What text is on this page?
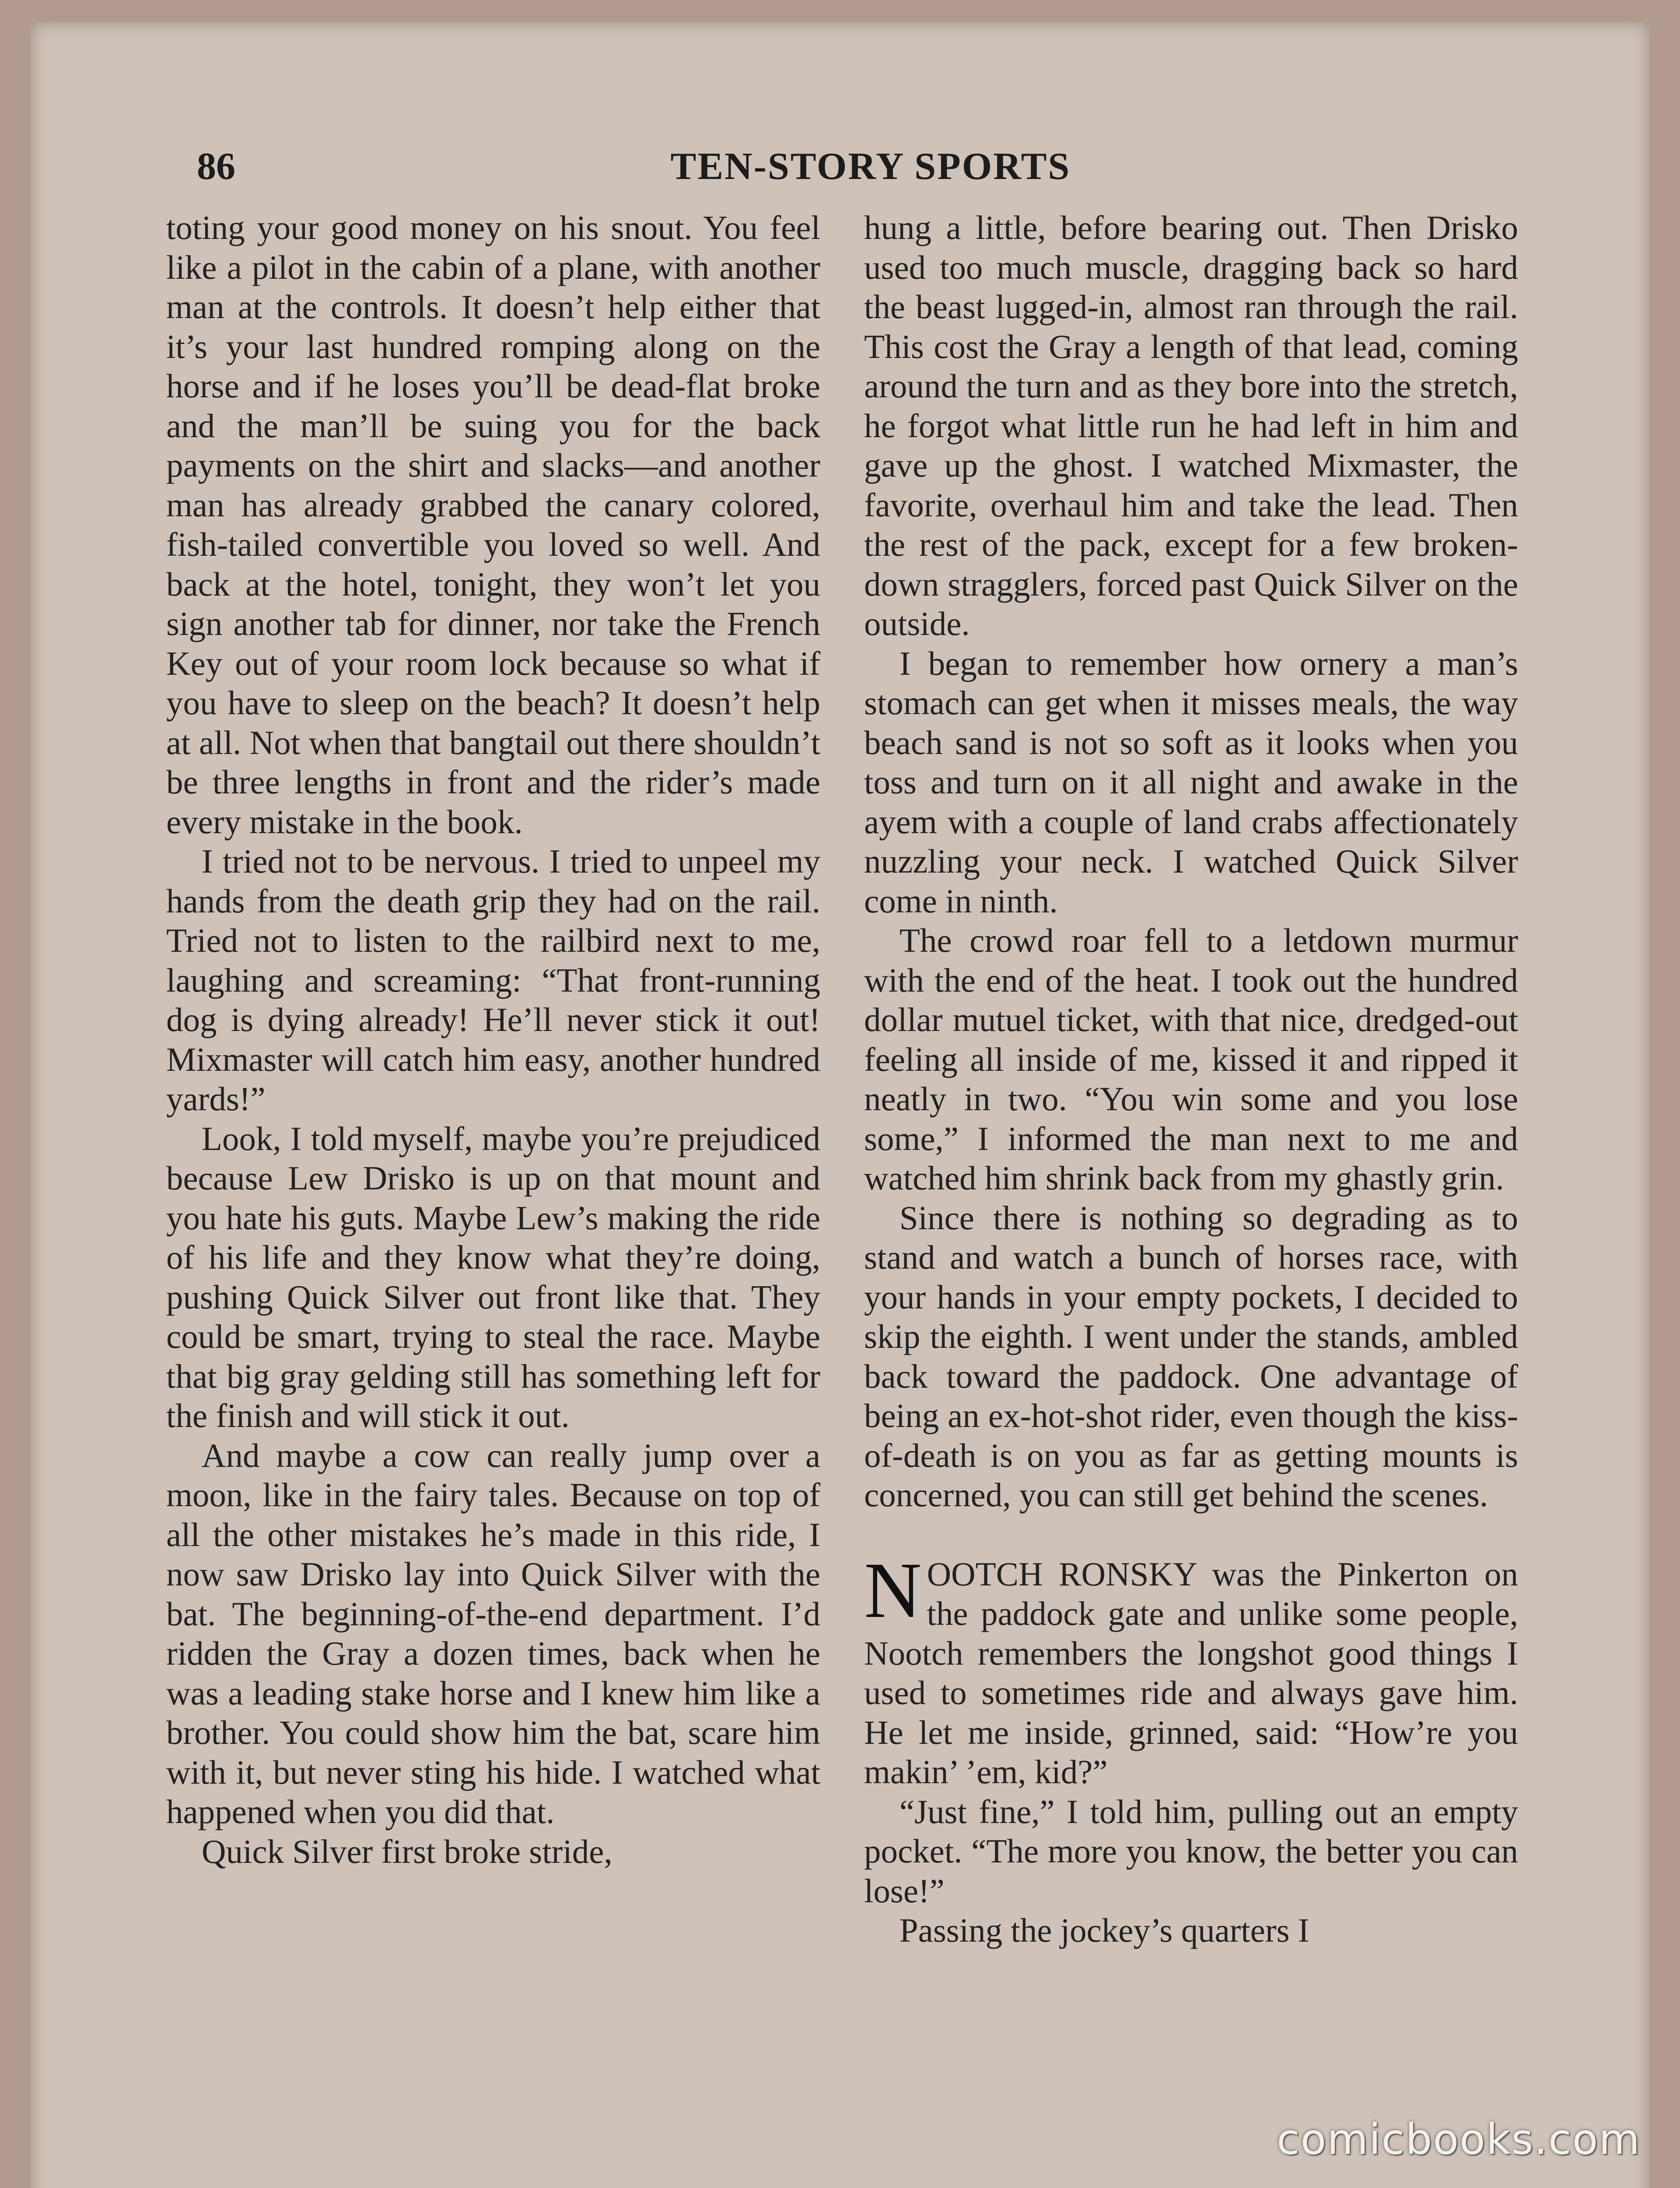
86	TEN-STORY SPORTS

toting your good money on his snout. You feel like a pilot in the cabin of a plane, with another man at the controls. It doesn’t help either that it’s your last hundred romping along on the horse and if he loses you’ll be dead-flat broke and the man’ll be suing you for the back payments on the shirt and slacks—and another man has already grabbed the canary colored, fish-tailed convertible you loved so well. And back at the hotel, tonight, they won’t let you sign another tab for dinner, nor take the French Key out of your room lock because so what if you have to sleep on the beach? It doesn’t help at all. Not when that bangtail out there shouldn’t be three lengths in front and the rider’s made every mistake in the book.

I tried not to be nervous. I tried to unpeel my hands from the death grip they had on the rail. Tried not to listen to the railbird next to me, laughing and screaming: “That front-running dog is dying already! He’ll never stick it out! Mixmaster will catch him easy, another hundred yards!”

Look, I told myself, maybe you’re prejudiced because Lew Drisko is up on that mount and you hate his guts. Maybe Lew’s making the ride of his life and they know what they’re doing, pushing Quick Silver out front like that. They could be smart, trying to steal the race. Maybe that big gray gelding still has something left for the finish and will stick it out.

And maybe a cow can really jump over a moon, like in the fairy tales. Because on top of all the other mistakes he’s made in this ride, I now saw Drisko lay into Quick Silver with the bat. The beginning-of-the-end department. I’d ridden the Gray a dozen times, back when he was a leading stake horse and I knew him like a brother. You could show him the bat, scare him with it, but never sting his hide. I watched what happened when you did that.

Quick Silver first broke stride,

hung a little, before bearing out. Then Drisko used too much muscle, dragging back so hard the beast lugged-in, almost ran through the rail. This cost the Gray a length of that lead, coming around the turn and as they bore into the stretch, he forgot what little run he had left in him and gave up the ghost. I watched Mixmaster, the favorite, overhaul him and take the lead. Then the rest of the pack, except for a few broken-down stragglers, forced past Quick Silver on the outside.

I began to remember how ornery a man’s stomach can get when it misses meals, the way beach sand is not so soft as it looks when you toss and turn on it all night and awake in the ayem with a couple of land crabs affectionately nuzzling your neck. I watched Quick Silver come in ninth.

The crowd roar fell to a letdown murmur with the end of the heat. I took out the hundred dollar mutuel ticket, with that nice, dredged-out feeling all inside of me, kissed it and ripped it neatly in two. “You win some and you lose some,” I informed the man next to me and watched him shrink back from my ghastly grin.

Since there is nothing so degrading as to stand and watch a bunch of horses race, with your hands in your empty pockets, I decided to skip the eighth. I went under the stands, ambled back toward the paddock. One advantage of being an ex-hot-shot rider, even though the kiss-of-death is on you as far as getting mounts is concerned, you can still get behind the scenes.

NOOTCH RONSKY was the Pinkerton on the paddock gate and unlike some people, Nootch remembers the longshot good things I used to sometimes ride and always gave him. He let me inside, grinned, said: “How’re you makin’ ’em, kid?”

“Just fine,” I told him, pulling out an empty pocket. “The more you know, the better you can lose!”

Passing the jockey’s quarters I

comicbooks.com
